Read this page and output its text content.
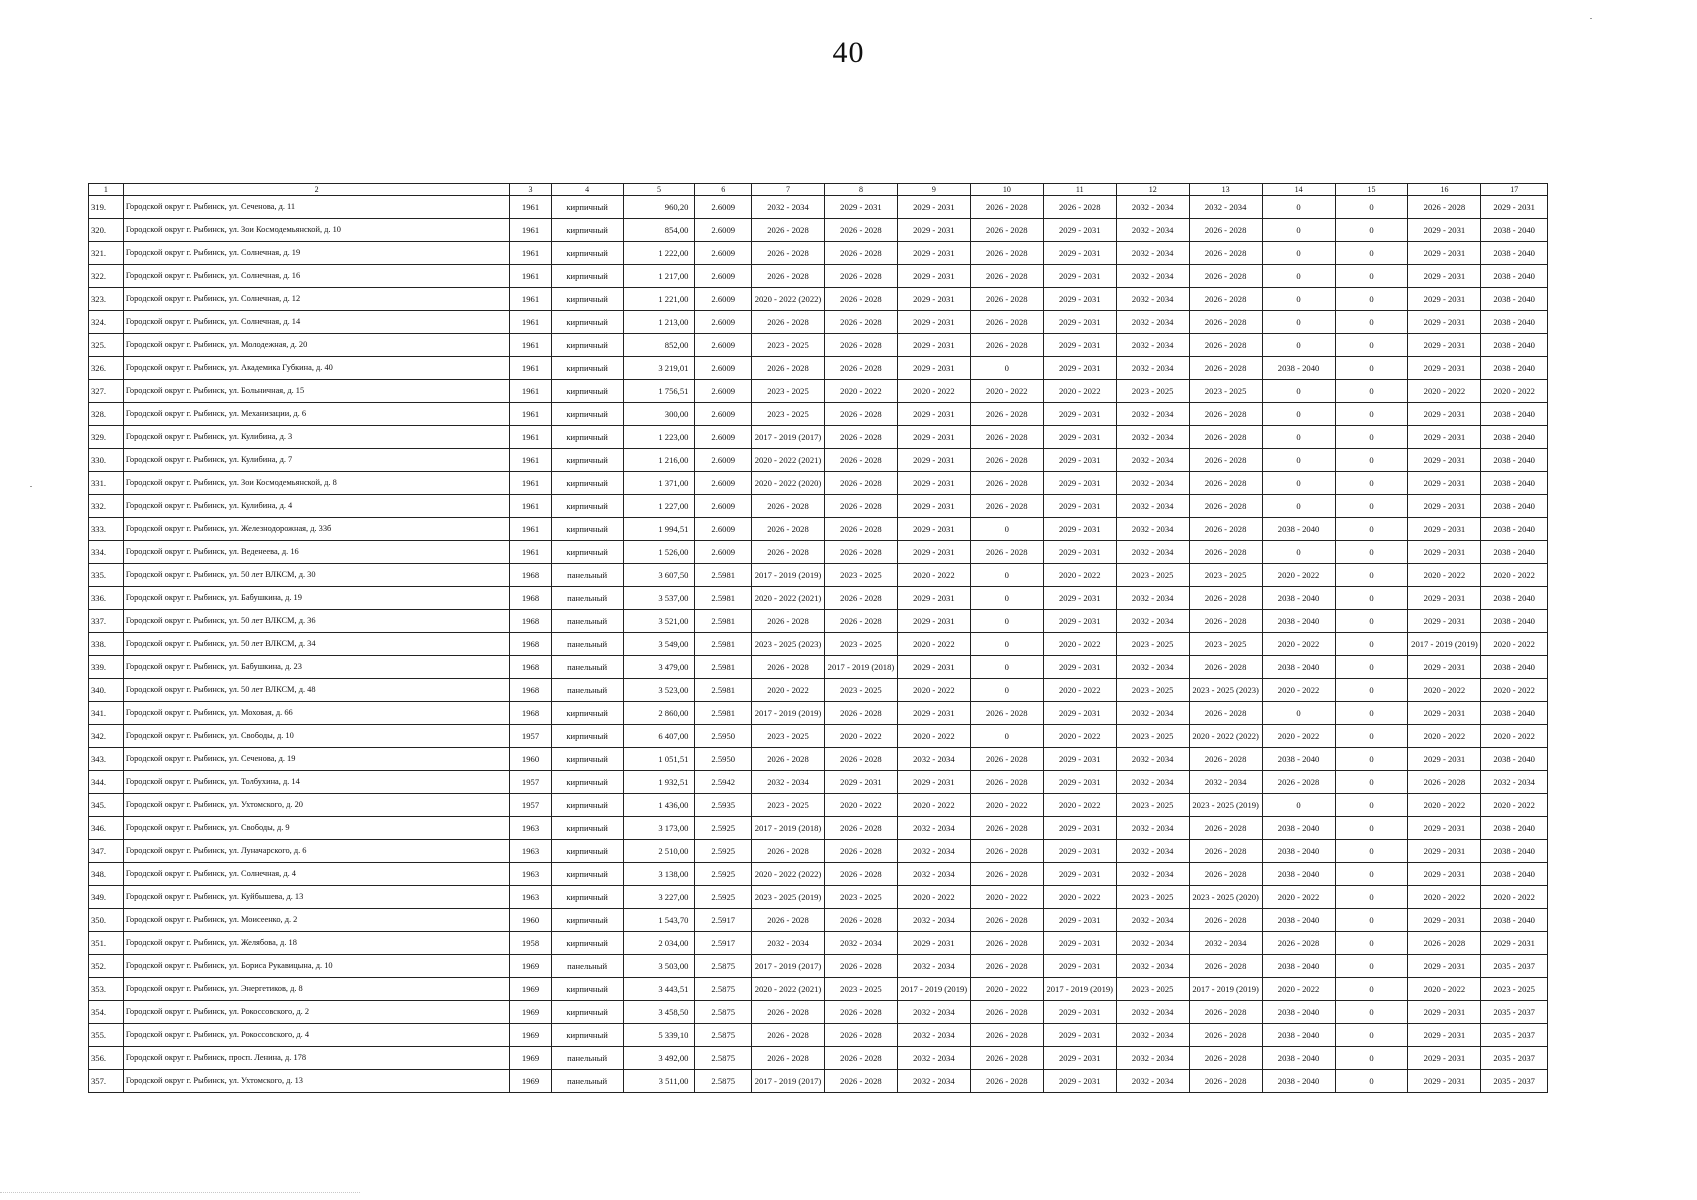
40
1	2	3	4	5	6	7	8	9	10	11	12	13	14	15	16	17
319.	Городской округ г. Рыбинск, ул. Сеченова, д. 11	1961	кирпичный	960,20	2.6009	2032 - 2034	2029 - 2031	2029 - 2031	2026 - 2028	2026 - 2028	2032 - 2034	2032 - 2034	0	0	2026 - 2028	2029 - 2031
320.	Городской округ г. Рыбинск, ул. Зои Космодемьянской, д. 10	1961	кирпичный	854,00	2.6009	2026 - 2028	2026 - 2028	2029 - 2031	2026 - 2028	2029 - 2031	2032 - 2034	2026 - 2028	0	0	2029 - 2031	2038 - 2040
321.	Городской округ г. Рыбинск, ул. Солнечная, д. 19	1961	кирпичный	1 222,00	2.6009	2026 - 2028	2026 - 2028	2029 - 2031	2026 - 2028	2029 - 2031	2032 - 2034	2026 - 2028	0	0	2029 - 2031	2038 - 2040
322.	Городской округ г. Рыбинск, ул. Солнечная, д. 16	1961	кирпичный	1 217,00	2.6009	2026 - 2028	2026 - 2028	2029 - 2031	2026 - 2028	2029 - 2031	2032 - 2034	2026 - 2028	0	0	2029 - 2031	2038 - 2040
323.	Городской округ г. Рыбинск, ул. Солнечная, д. 12	1961	кирпичный	1 221,00	2.6009	2020 - 2022 (2022)	2026 - 2028	2029 - 2031	2026 - 2028	2029 - 2031	2032 - 2034	2026 - 2028	0	0	2029 - 2031	2038 - 2040
324.	Городской округ г. Рыбинск, ул. Солнечная, д. 14	1961	кирпичный	1 213,00	2.6009	2026 - 2028	2026 - 2028	2029 - 2031	2026 - 2028	2029 - 2031	2032 - 2034	2026 - 2028	0	0	2029 - 2031	2038 - 2040
325.	Городской округ г. Рыбинск, ул. Молодежная, д. 20	1961	кирпичный	852,00	2.6009	2023 - 2025	2026 - 2028	2029 - 2031	2026 - 2028	2029 - 2031	2032 - 2034	2026 - 2028	0	0	2029 - 2031	2038 - 2040
326.	Городской округ г. Рыбинск, ул. Академика Губкина, д. 40	1961	кирпичный	3 219,01	2.6009	2026 - 2028	2026 - 2028	2029 - 2031	0	2029 - 2031	2032 - 2034	2026 - 2028	2038 - 2040	0	2029 - 2031	2038 - 2040
327.	Городской округ г. Рыбинск, ул. Больничная, д. 15	1961	кирпичный	1 756,51	2.6009	2023 - 2025	2020 - 2022	2020 - 2022	2020 - 2022	2020 - 2022	2023 - 2025	2023 - 2025	0	0	2020 - 2022	2020 - 2022
328.	Городской округ г. Рыбинск, ул. Механизации, д. 6	1961	кирпичный	300,00	2.6009	2023 - 2025	2026 - 2028	2029 - 2031	2026 - 2028	2029 - 2031	2032 - 2034	2026 - 2028	0	0	2029 - 2031	2038 - 2040
329.	Городской округ г. Рыбинск, ул. Кулибина, д. 3	1961	кирпичный	1 223,00	2.6009	2017 - 2019 (2017)	2026 - 2028	2029 - 2031	2026 - 2028	2029 - 2031	2032 - 2034	2026 - 2028	0	0	2029 - 2031	2038 - 2040
330.	Городской округ г. Рыбинск, ул. Кулибина, д. 7	1961	кирпичный	1 216,00	2.6009	2020 - 2022 (2021)	2026 - 2028	2029 - 2031	2026 - 2028	2029 - 2031	2032 - 2034	2026 - 2028	0	0	2029 - 2031	2038 - 2040
331.	Городской округ г. Рыбинск, ул. Зои Космодемьянской, д. 8	1961	кирпичный	1 371,00	2.6009	2020 - 2022 (2020)	2026 - 2028	2029 - 2031	2026 - 2028	2029 - 2031	2032 - 2034	2026 - 2028	0	0	2029 - 2031	2038 - 2040
332.	Городской округ г. Рыбинск, ул. Кулибина, д. 4	1961	кирпичный	1 227,00	2.6009	2026 - 2028	2026 - 2028	2029 - 2031	2026 - 2028	2029 - 2031	2032 - 2034	2026 - 2028	0	0	2029 - 2031	2038 - 2040
333.	Городской округ г. Рыбинск, ул. Железнодорожная, д. 33б	1961	кирпичный	1 994,51	2.6009	2026 - 2028	2026 - 2028	2029 - 2031	0	2029 - 2031	2032 - 2034	2026 - 2028	2038 - 2040	0	2029 - 2031	2038 - 2040
334.	Городской округ г. Рыбинск, ул. Веденеева, д. 16	1961	кирпичный	1 526,00	2.6009	2026 - 2028	2026 - 2028	2029 - 2031	2026 - 2028	2029 - 2031	2032 - 2034	2026 - 2028	0	0	2029 - 2031	2038 - 2040
335.	Городской округ г. Рыбинск, ул. 50 лет ВЛКСМ, д. 30	1968	панельный	3 607,50	2.5981	2017 - 2019 (2019)	2023 - 2025	2020 - 2022	0	2020 - 2022	2023 - 2025	2023 - 2025	2020 - 2022	0	2020 - 2022	2020 - 2022
336.	Городской округ г. Рыбинск, ул. Бабушкина, д. 19	1968	панельный	3 537,00	2.5981	2020 - 2022 (2021)	2026 - 2028	2029 - 2031	0	2029 - 2031	2032 - 2034	2026 - 2028	2038 - 2040	0	2029 - 2031	2038 - 2040
337.	Городской округ г. Рыбинск, ул. 50 лет ВЛКСМ, д. 36	1968	панельный	3 521,00	2.5981	2026 - 2028	2026 - 2028	2029 - 2031	0	2029 - 2031	2032 - 2034	2026 - 2028	2038 - 2040	0	2029 - 2031	2038 - 2040
338.	Городской округ г. Рыбинск, ул. 50 лет ВЛКСМ, д. 34	1968	панельный	3 549,00	2.5981	2023 - 2025 (2023)	2023 - 2025	2020 - 2022	0	2020 - 2022	2023 - 2025	2023 - 2025	2020 - 2022	0	2017 - 2019 (2019)	2020 - 2022
339.	Городской округ г. Рыбинск, ул. Бабушкина, д. 23	1968	панельный	3 479,00	2.5981	2026 - 2028	2017 - 2019 (2018)	2029 - 2031	0	2029 - 2031	2032 - 2034	2026 - 2028	2038 - 2040	0	2029 - 2031	2038 - 2040
340.	Городской округ г. Рыбинск, ул. 50 лет ВЛКСМ, д. 48	1968	панельный	3 523,00	2.5981	2020 - 2022	2023 - 2025	2020 - 2022	0	2020 - 2022	2023 - 2025	2023 - 2025 (2023)	2020 - 2022	0	2020 - 2022	2020 - 2022
341.	Городской округ г. Рыбинск, ул. Моховая, д. 66	1968	кирпичный	2 860,00	2.5981	2017 - 2019 (2019)	2026 - 2028	2029 - 2031	2026 - 2028	2029 - 2031	2032 - 2034	2026 - 2028	0	0	2029 - 2031	2038 - 2040
342.	Городской округ г. Рыбинск, ул. Свободы, д. 10	1957	кирпичный	6 407,00	2.5950	2023 - 2025	2020 - 2022	2020 - 2022	0	2020 - 2022	2023 - 2025	2020 - 2022 (2022)	2020 - 2022	0	2020 - 2022	2020 - 2022
343.	Городской округ г. Рыбинск, ул. Сеченова, д. 19	1960	кирпичный	1 051,51	2.5950	2026 - 2028	2026 - 2028	2032 - 2034	2026 - 2028	2029 - 2031	2032 - 2034	2026 - 2028	2038 - 2040	0	2029 - 2031	2038 - 2040
344.	Городской округ г. Рыбинск, ул. Толбухина, д. 14	1957	кирпичный	1 932,51	2.5942	2032 - 2034	2029 - 2031	2029 - 2031	2026 - 2028	2029 - 2031	2032 - 2034	2032 - 2034	2026 - 2028	0	2026 - 2028	2032 - 2034
345.	Городской округ г. Рыбинск, ул. Ухтомского, д. 20	1957	кирпичный	1 436,00	2.5935	2023 - 2025	2020 - 2022	2020 - 2022	2020 - 2022	2020 - 2022	2023 - 2025	2023 - 2025 (2019)	0	0	2020 - 2022	2020 - 2022
346.	Городской округ г. Рыбинск, ул. Свободы, д. 9	1963	кирпичный	3 173,00	2.5925	2017 - 2019 (2018)	2026 - 2028	2032 - 2034	2026 - 2028	2029 - 2031	2032 - 2034	2026 - 2028	2038 - 2040	0	2029 - 2031	2038 - 2040
347.	Городской округ г. Рыбинск, ул. Луначарского, д. 6	1963	кирпичный	2 510,00	2.5925	2026 - 2028	2026 - 2028	2032 - 2034	2026 - 2028	2029 - 2031	2032 - 2034	2026 - 2028	2038 - 2040	0	2029 - 2031	2038 - 2040
348.	Городской округ г. Рыбинск, ул. Солнечная, д. 4	1963	кирпичный	3 138,00	2.5925	2020 - 2022 (2022)	2026 - 2028	2032 - 2034	2026 - 2028	2029 - 2031	2032 - 2034	2026 - 2028	2038 - 2040	0	2029 - 2031	2038 - 2040
349.	Городской округ г. Рыбинск, ул. Куйбышева, д. 13	1963	кирпичный	3 227,00	2.5925	2023 - 2025 (2019)	2023 - 2025	2020 - 2022	2020 - 2022	2020 - 2022	2023 - 2025	2023 - 2025 (2020)	2020 - 2022	0	2020 - 2022	2020 - 2022
350.	Городской округ г. Рыбинск, ул. Моисеенко, д. 2	1960	кирпичный	1 543,70	2.5917	2026 - 2028	2026 - 2028	2032 - 2034	2026 - 2028	2029 - 2031	2032 - 2034	2026 - 2028	2038 - 2040	0	2029 - 2031	2038 - 2040
351.	Городской округ г. Рыбинск, ул. Желябова, д. 18	1958	кирпичный	2 034,00	2.5917	2032 - 2034	2032 - 2034	2029 - 2031	2026 - 2028	2029 - 2031	2032 - 2034	2032 - 2034	2026 - 2028	0	2026 - 2028	2029 - 2031
352.	Городской округ г. Рыбинск, ул. Бориса Рукавицына, д. 10	1969	панельный	3 503,00	2.5875	2017 - 2019 (2017)	2026 - 2028	2032 - 2034	2026 - 2028	2029 - 2031	2032 - 2034	2026 - 2028	2038 - 2040	0	2029 - 2031	2035 - 2037
353.	Городской округ г. Рыбинск, ул. Энергетиков, д. 8	1969	кирпичный	3 443,51	2.5875	2020 - 2022 (2021)	2023 - 2025	2017 - 2019 (2019)	2020 - 2022	2017 - 2019 (2019)	2023 - 2025	2017 - 2019 (2019)	2020 - 2022	0	2020 - 2022	2023 - 2025
354.	Городской округ г. Рыбинск, ул. Рокоссовского, д. 2	1969	кирпичный	3 458,50	2.5875	2026 - 2028	2026 - 2028	2032 - 2034	2026 - 2028	2029 - 2031	2032 - 2034	2026 - 2028	2038 - 2040	0	2029 - 2031	2035 - 2037
355.	Городской округ г. Рыбинск, ул. Рокоссовского, д. 4	1969	кирпичный	5 339,10	2.5875	2026 - 2028	2026 - 2028	2032 - 2034	2026 - 2028	2029 - 2031	2032 - 2034	2026 - 2028	2038 - 2040	0	2029 - 2031	2035 - 2037
356.	Городской округ г. Рыбинск, просп. Ленина, д. 178	1969	панельный	3 492,00	2.5875	2026 - 2028	2026 - 2028	2032 - 2034	2026 - 2028	2029 - 2031	2032 - 2034	2026 - 2028	2038 - 2040	0	2029 - 2031	2035 - 2037
357.	Городской округ г. Рыбинск, ул. Ухтомского, д. 13	1969	панельный	3 511,00	2.5875	2017 - 2019 (2017)	2026 - 2028	2032 - 2034	2026 - 2028	2029 - 2031	2032 - 2034	2026 - 2028	2038 - 2040	0	2029 - 2031	2035 - 2037
